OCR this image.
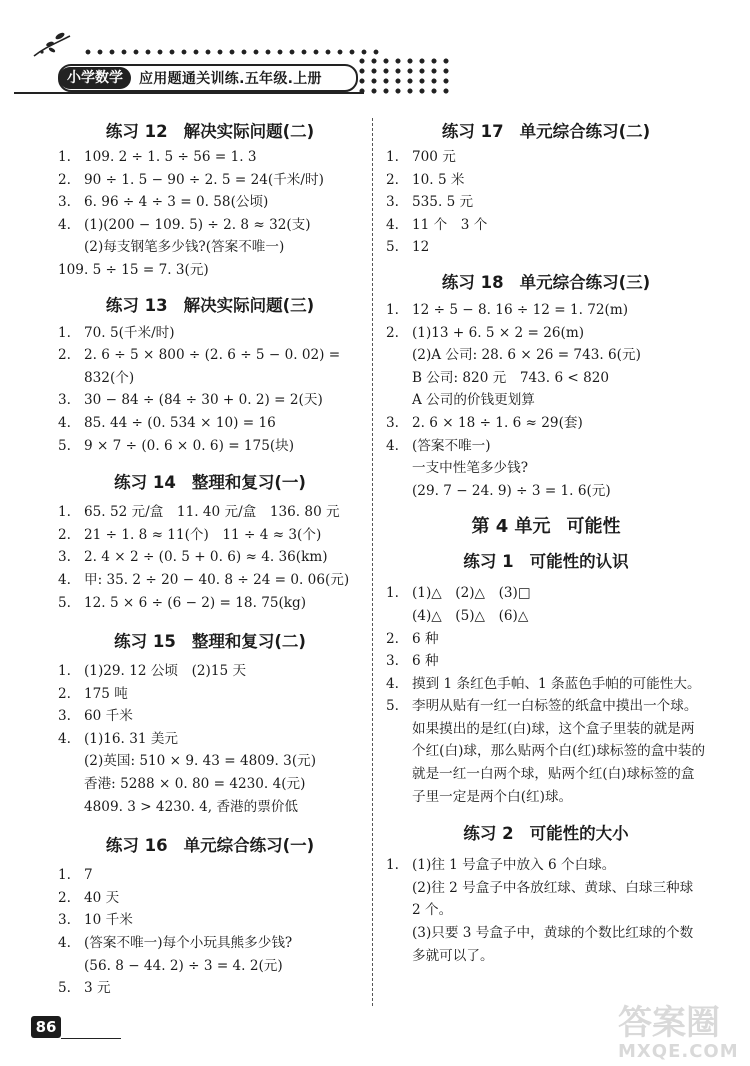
小学数学	应用题通关训练.五年级.上册
练习 12 解决实际问题(二)

1. 109. 2 ÷ 1. 5 ÷ 56 = 1. 3

2. 90 ÷ 1. 5 − 90 ÷ 2. 5 = 24(千米/时)

3. 6. 96 ÷ 4 ÷ 3 = 0. 58(公顷)

4. (1)(200 − 109. 5) ÷ 2. 8 ≈ 32(支)

(2)每支钢笔多少钱?(答案不唯一)

109. 5 ÷ 15 = 7. 3(元)

练习 13 解决实际问题(三)

1. 70. 5(千米/时)

2. 2. 6 ÷ 5 × 800 ÷ (2. 6 ÷ 5 − 0. 02) = 832(个)

3. 30 − 84 ÷ (84 ÷ 30 + 0. 2) = 2(天)

4. 85. 44 ÷ (0. 534 × 10) = 16

5. 9 × 7 ÷ (0. 6 × 0. 6) = 175(块)

练习 14 整理和复习(一)

1. 65. 52 元/盒　11. 40 元/盒　136. 80 元

2. 21 ÷ 1. 8 ≈ 11(个)　11 ÷ 4 ≈ 3(个)

3. 2. 4 × 2 ÷ (0. 5 + 0. 6) ≈ 4. 36(km)

4. 甲: 35. 2 ÷ 20 − 40. 8 ÷ 24 = 0. 06(元)

5. 12. 5 × 6 ÷ (6 − 2) = 18. 75(kg)

练习 15 整理和复习(二)

1. (1)29. 12 公顷　(2)15 天

2. 175 吨

3. 60 千米

4. (1)16. 31 美元

(2)英国: 510 × 9. 43 = 4809. 3(元)

香港: 5288 × 0. 80 = 4230. 4(元)

4809. 3 > 4230. 4, 香港的票价低

练习 16 单元综合练习(一)

1. 7

2. 40 天

3. 10 千米

4. (答案不唯一)每个小玩具熊多少钱?

(56. 8 − 44. 2) ÷ 3 = 4. 2(元)

5. 3 元

练习 17 单元综合练习(二)

1. 700 元

2. 10. 5 米

3. 535. 5 元

4. 11 个　3 个

5. 12

练习 18 单元综合练习(三)

1. 12 ÷ 5 − 8. 16 ÷ 12 = 1. 72(m)

2. (1)13 + 6. 5 × 2 = 26(m)

(2)A 公司: 28. 6 × 26 = 743. 6(元)

B 公司: 820 元　743. 6 < 820

A 公司的价钱更划算

3. 2. 6 × 18 ÷ 1. 6 ≈ 29(套)

4. (答案不唯一)

一支中性笔多少钱?

(29. 7 − 24. 9) ÷ 3 = 1. 6(元)

第 4 单元 可能性
练习 1 可能性的认识

1. (1)△　(2)△　(3)□

(4)△　(5)△　(6)△

2. 6 种

3. 6 种

4. 摸到 1 条红色手帕、1 条蓝色手帕的可能性大。

5. 李明从贴有一红一白标签的纸盒中摸出一个球。如果摸出的是红(白)球，这个盒子里装的就是两个红(白)球，那么贴两个白(红)球标签的盒中装的就是一红一白两个球，贴两个红(白)球标签的盒子里一定是两个白(红)球。

练习 2 可能性的大小

1. (1)往 1 号盒子中放入 6 个白球。

(2)往 2 号盒子中各放红球、黄球、白球三种球 2 个。

(3)只要 3 号盒子中，黄球的个数比红球的个数多就可以了。

86	答案圈
MXQE.COM
